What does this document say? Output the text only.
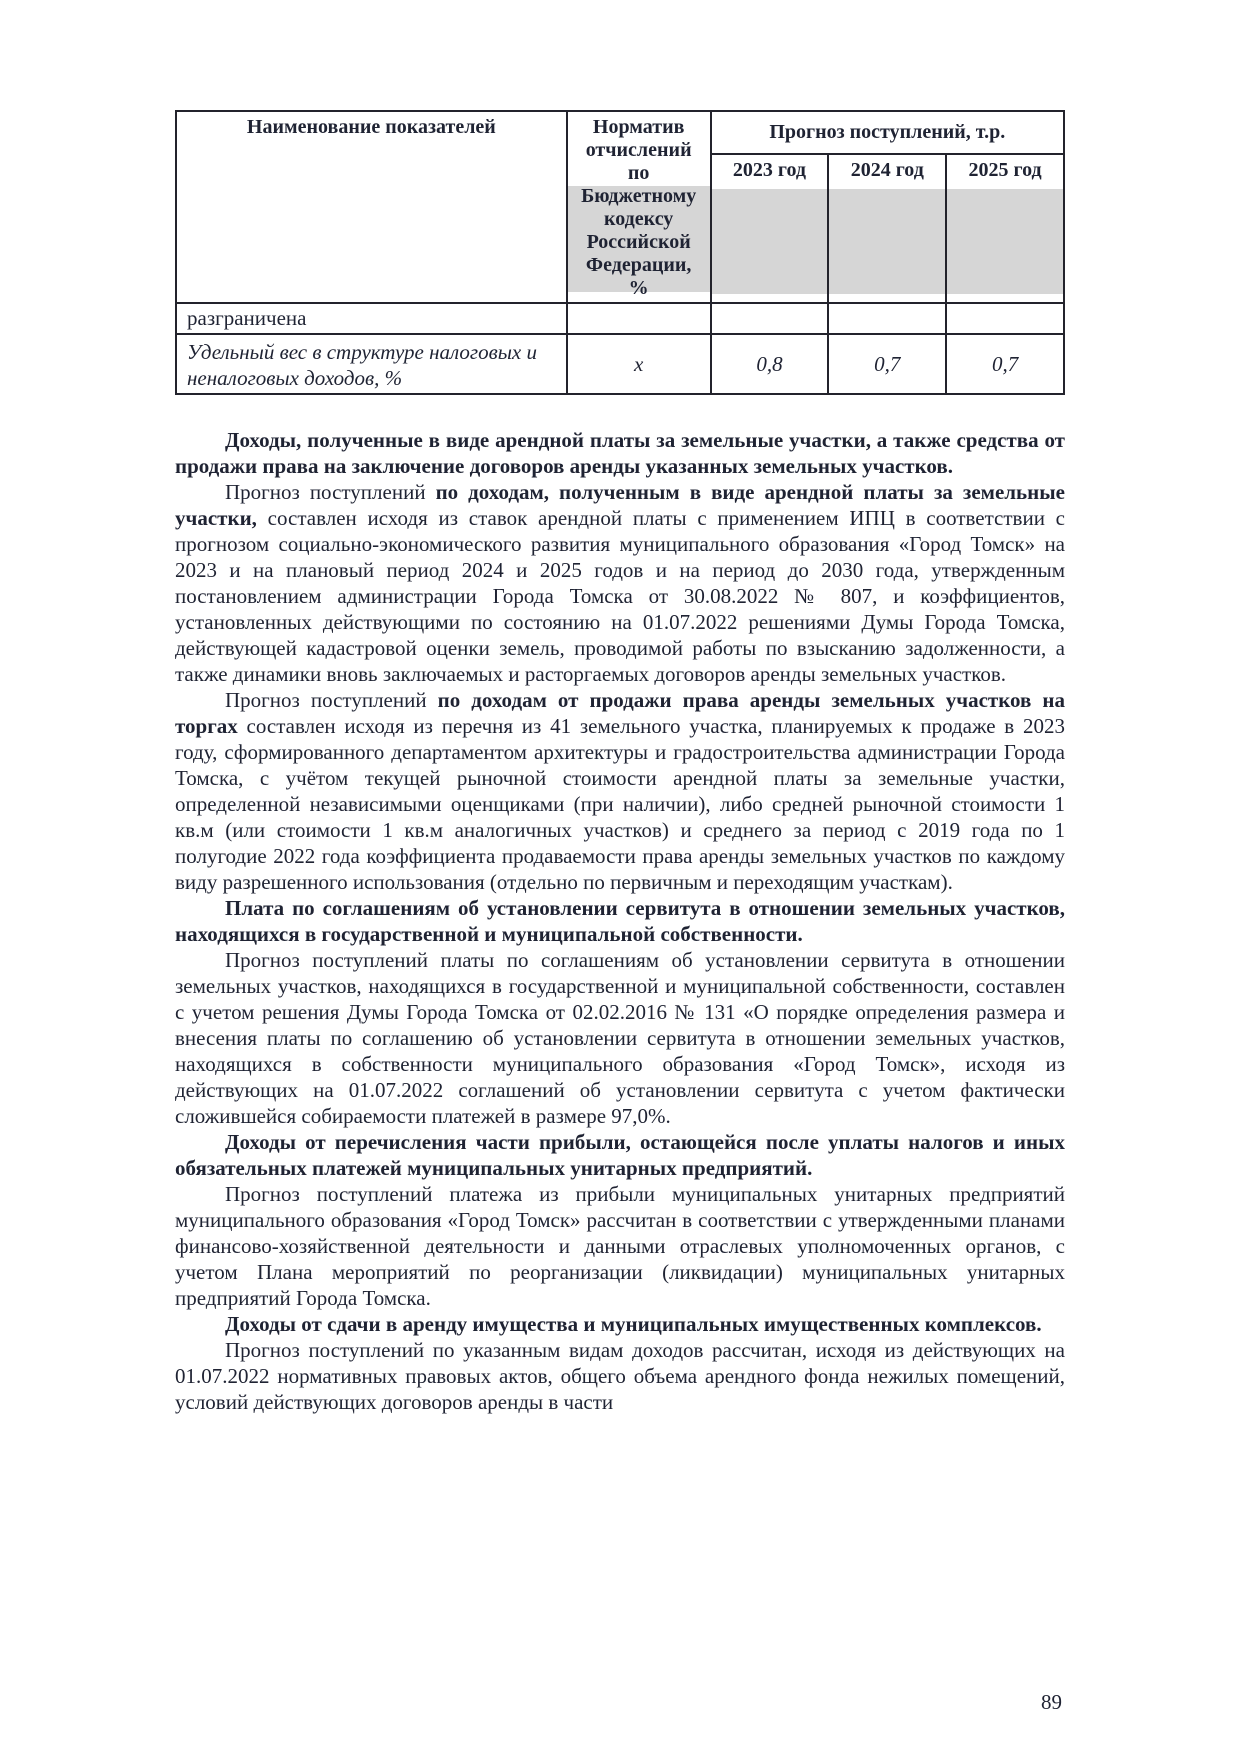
Наименование показателей	Норматив отчислений по Бюджетному кодексу Российской Федерации, %	Прогноз поступлений, т.р.		
		2023 год	2024 год	2025 год
разграничена				
Удельный вес в структуре налоговых и неналоговых доходов, %	х	0,8	0,7	0,7

Доходы, полученные в виде арендной платы за земельные участки, а также средства от продажи права на заключение договоров аренды указанных земельных участков.

Прогноз поступлений по доходам, полученным в виде арендной платы за земельные участки, составлен исходя из ставок арендной платы с применением ИПЦ в соответствии с прогнозом социально-экономического развития муниципального образования «Город Томск» на 2023 и на плановый период 2024 и 2025 годов и на период до 2030 года, утвержденным постановлением администрации Города Томска от 30.08.2022 № 807, и коэффициентов, установленных действующими по состоянию на 01.07.2022 решениями Думы Города Томска, действующей кадастровой оценки земель, проводимой работы по взысканию задолженности, а также динамики вновь заключаемых и расторгаемых договоров аренды земельных участков.

Прогноз поступлений по доходам от продажи права аренды земельных участков на торгах составлен исходя из перечня из 41 земельного участка, планируемых к продаже в 2023 году, сформированного департаментом архитектуры и градостроительства администрации Города Томска, с учётом текущей рыночной стоимости арендной платы за земельные участки, определенной независимыми оценщиками (при наличии), либо средней рыночной стоимости 1 кв.м (или стоимости 1 кв.м аналогичных участков) и среднего за период с 2019 года по 1 полугодие 2022 года коэффициента продаваемости права аренды земельных участков по каждому виду разрешенного использования (отдельно по первичным и переходящим участкам).

Плата по соглашениям об установлении сервитута в отношении земельных участков, находящихся в государственной и муниципальной собственности.

Прогноз поступлений платы по соглашениям об установлении сервитута в отношении земельных участков, находящихся в государственной и муниципальной собственности, составлен с учетом решения Думы Города Томска от 02.02.2016 № 131 «О порядке определения размера и внесения платы по соглашению об установлении сервитута в отношении земельных участков, находящихся в собственности муниципального образования «Город Томск», исходя из действующих на 01.07.2022 соглашений об установлении сервитута с учетом фактически сложившейся собираемости платежей в размере 97,0%.

Доходы от перечисления части прибыли, остающейся после уплаты налогов и иных обязательных платежей муниципальных унитарных предприятий.

Прогноз поступлений платежа из прибыли муниципальных унитарных предприятий муниципального образования «Город Томск» рассчитан в соответствии с утвержденными планами финансово-хозяйственной деятельности и данными отраслевых уполномоченных органов, с учетом Плана мероприятий по реорганизации (ликвидации) муниципальных унитарных предприятий Города Томска.

Доходы от сдачи в аренду имущества и муниципальных имущественных комплексов.

Прогноз поступлений по указанным видам доходов рассчитан, исходя из действующих на 01.07.2022 нормативных правовых актов, общего объема арендного фонда нежилых помещений, условий действующих договоров аренды в части

89
